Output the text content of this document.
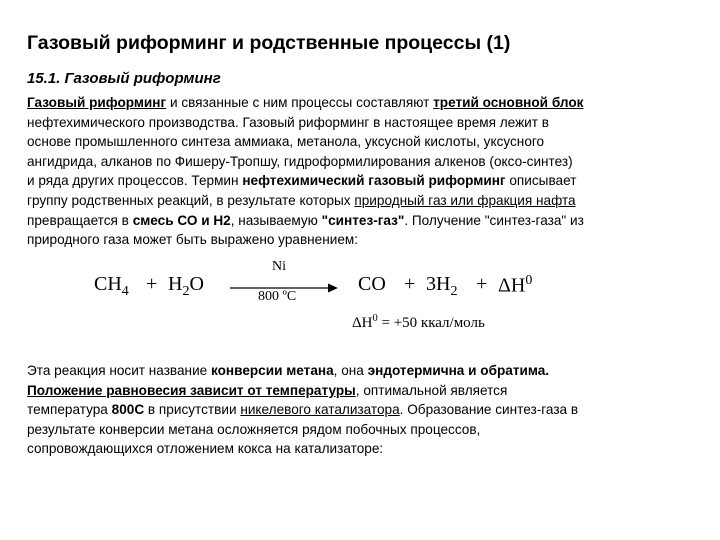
Газовый риформинг и родственные процессы (1)
15.1. Газовый риформинг
Газовый риформинг и связанные с ним процессы составляют третий основной блок
нефтехимического производства. Газовый риформинг в настоящее время лежит в
основе промышленного синтеза аммиака, метанола, уксусной кислоты, уксусного
ангидрида, алканов по Фишеру-Тропшу, гидроформилирования алкенов (оксо-синтез)
и ряда других процессов. Термин нефтехимический газовый риформинг описывает
группу родственных реакций, в результате которых природный газ или фракция нафта
превращается в смесь СО и Н2, называемую "синтез-газ". Получение "синтез-газа" из
природного газа может быть выражено уравнением:
$CH_4 + H_2O$
Ni
800 ºC
CO + $3H_2 + \Delta H^0$
$\Delta H^0 = +50$ ккал/моль
Эта реакция носит название конверсии метана, она эндотермична и обратима.
Положение равновесия зависит от температуры, оптимальной является
температура 800С в присутствии никелевого катализатора. Образование синтез-газа в
результате конверсии метана осложняется рядом побочных процессов,
сопровождающихся отложением кокса на катализаторе:
